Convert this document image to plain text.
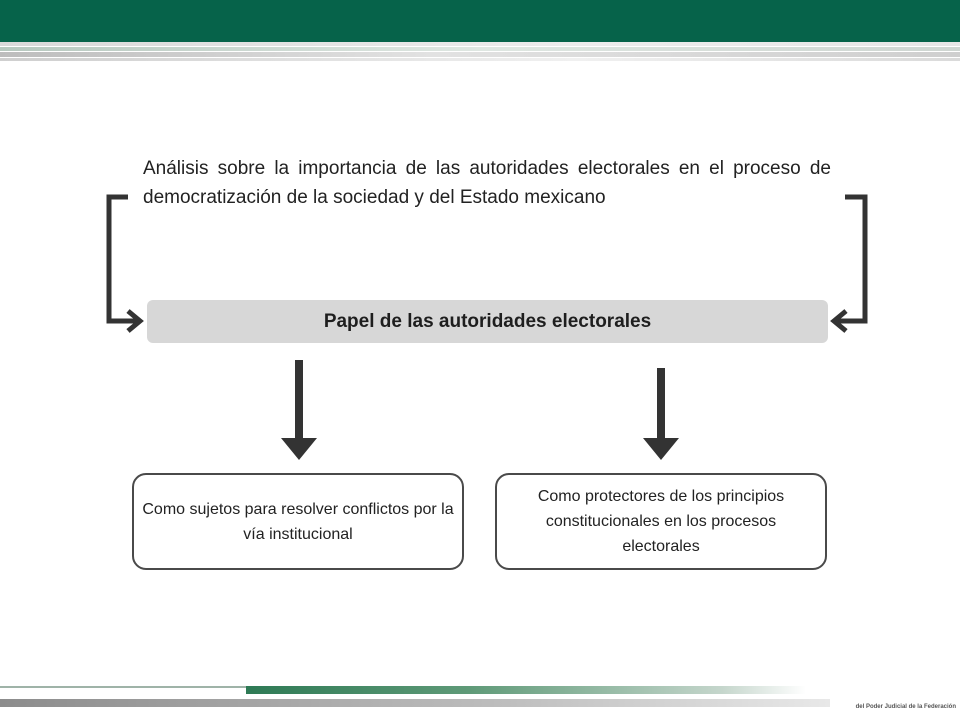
Análisis sobre la importancia de las autoridades electorales en el proceso de democratización de la sociedad y del Estado mexicano

Papel de las autoridades electorales
Como sujetos para resolver conflictos por la vía institucional
Como protectores de los principios constitucionales en los procesos electorales
del Poder Judicial de la Federación
